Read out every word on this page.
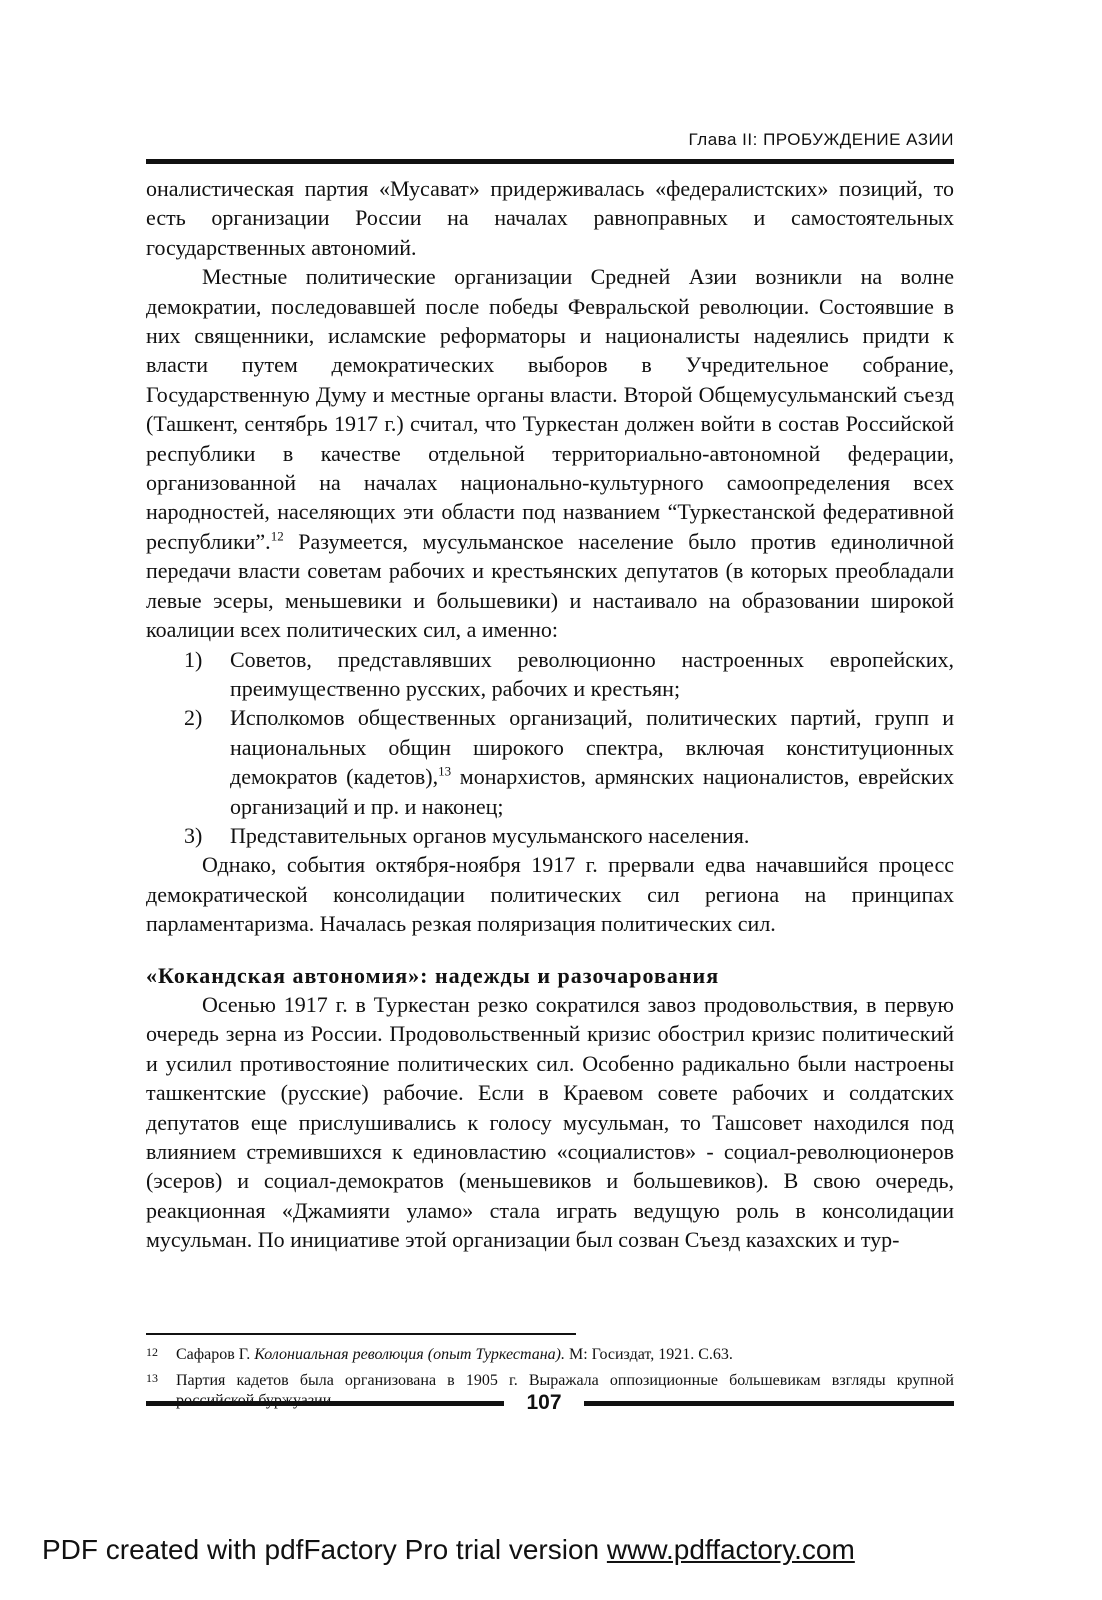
Глава II: ПРОБУЖДЕНИЕ АЗИИ

оналистическая партия «Мусават» придерживалась «федералистских» позиций, то есть организации России на началах равноправных и самостоятельных государственных автономий.

Местные политические организации Средней Азии возникли на волне демократии, последовавшей после победы Февральской революции. Состоявшие в них священники, исламские реформаторы и националисты надеялись придти к власти путем демократических выборов в Учредительное собрание, Государственную Думу и местные органы власти. Второй Общемусульманский съезд (Ташкент, сентябрь 1917 г.) считал, что Туркестан должен войти в состав Российской республики в качестве отдельной территориально-автономной федерации, организованной на началах национально-культурного самоопределения всех народностей, населяющих эти области под названием “Туркестанской федеративной республики”.$^{12}$ Разумеется, мусульманское население было против единоличной передачи власти советам рабочих и крестьянских депутатов (в которых преобладали левые эсеры, меньшевики и большевики) и настаивало на образовании широкой коалиции всех политических сил, а именно:

1) Советов, представлявших революционно настроенных европейских, преимущественно русских, рабочих и крестьян;
2) Исполкомов общественных организаций, политических партий, групп и национальных общин широкого спектра, включая конституционных демократов (кадетов),$^{13}$ монархистов, армянских националистов, еврейских организаций и пр. и наконец;
3) Представительных органов мусульманского населения.

Однако, события октября-ноября 1917 г. прервали едва начавшийся процесс демократической консолидации политических сил региона на принципах парламентаризма. Началась резкая поляризация политических сил.

«Кокандская автономия»: надежды и разочарования

Осенью 1917 г. в Туркестан резко сократился завоз продовольствия, в первую очередь зерна из России. Продовольственный кризис обострил кризис политический и усилил противостояние политических сил. Особенно радикально были настроены ташкентские (русские) рабочие. Если в Краевом совете рабочих и солдатских депутатов еще прислушивались к голосу мусульман, то Ташсовет находился под влиянием стремившихся к единовластию «социалистов» - социал-революционеров (эсеров) и социал-демократов (меньшевиков и большевиков). В свою очередь, реакционная «Джамияти уламо» стала играть ведущую роль в консолидации мусульман. По инициативе этой организации был созван Съезд казахских и тур-

12 Сафаров Г. Колониальная революция (опыт Туркестана). М: Госиздат, 1921. С.63.
13 Партия кадетов была организована в 1905 г. Выражала оппозиционные большевикам взгляды крупной
107
PDF created with pdfFactory Pro trial version www.pdffactory.com
